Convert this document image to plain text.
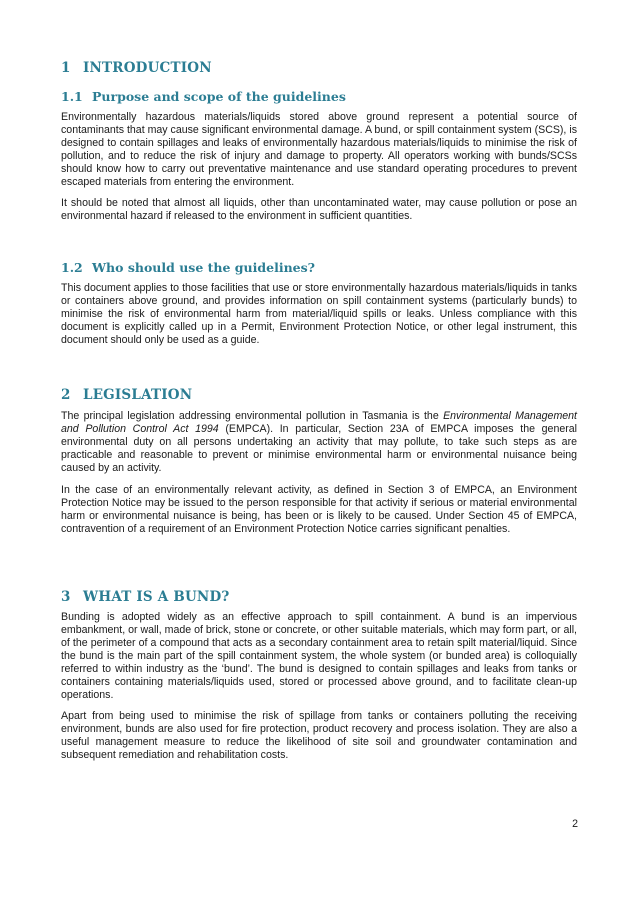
1 INTRODUCTION
1.1 Purpose and scope of the guidelines

Environmentally hazardous materials/liquids stored above ground represent a potential source of contaminants that may cause significant environmental damage. A bund, or spill containment system (SCS), is designed to contain spillages and leaks of environmentally hazardous materials/liquids to minimise the risk of pollution, and to reduce the risk of injury and damage to property. All operators working with bunds/SCSs should know how to carry out preventative maintenance and use standard operating procedures to prevent escaped materials from entering the environment.

It should be noted that almost all liquids, other than uncontaminated water, may cause pollution or pose an environmental hazard if released to the environment in sufficient quantities.

1.2 Who should use the guidelines?

This document applies to those facilities that use or store environmentally hazardous materials/liquids in tanks or containers above ground, and provides information on spill containment systems (particularly bunds) to minimise the risk of environmental harm from material/liquid spills or leaks. Unless compliance with this document is explicitly called up in a Permit, Environment Protection Notice, or other legal instrument, this document should only be used as a guide.

2 LEGISLATION

The principal legislation addressing environmental pollution in Tasmania is the Environmental Management and Pollution Control Act 1994 (EMPCA). In particular, Section 23A of EMPCA imposes the general environmental duty on all persons undertaking an activity that may pollute, to take such steps as are practicable and reasonable to prevent or minimise environmental harm or environmental nuisance being caused by an activity.

In the case of an environmentally relevant activity, as defined in Section 3 of EMPCA, an Environment Protection Notice may be issued to the person responsible for that activity if serious or material environmental harm or environmental nuisance is being, has been or is likely to be caused. Under Section 45 of EMPCA, contravention of a requirement of an Environment Protection Notice carries significant penalties.

3 WHAT IS A BUND?

Bunding is adopted widely as an effective approach to spill containment. A bund is an impervious embankment, or wall, made of brick, stone or concrete, or other suitable materials, which may form part, or all, of the perimeter of a compound that acts as a secondary containment area to retain spilt material/liquid. Since the bund is the main part of the spill containment system, the whole system (or bunded area) is colloquially referred to within industry as the ‘bund’. The bund is designed to contain spillages and leaks from tanks or containers containing materials/liquids used, stored or processed above ground, and to facilitate clean-up operations.

Apart from being used to minimise the risk of spillage from tanks or containers polluting the receiving environment, bunds are also used for fire protection, product recovery and process isolation. They are also a useful management measure to reduce the likelihood of site soil and groundwater contamination and subsequent remediation and rehabilitation costs.

2
